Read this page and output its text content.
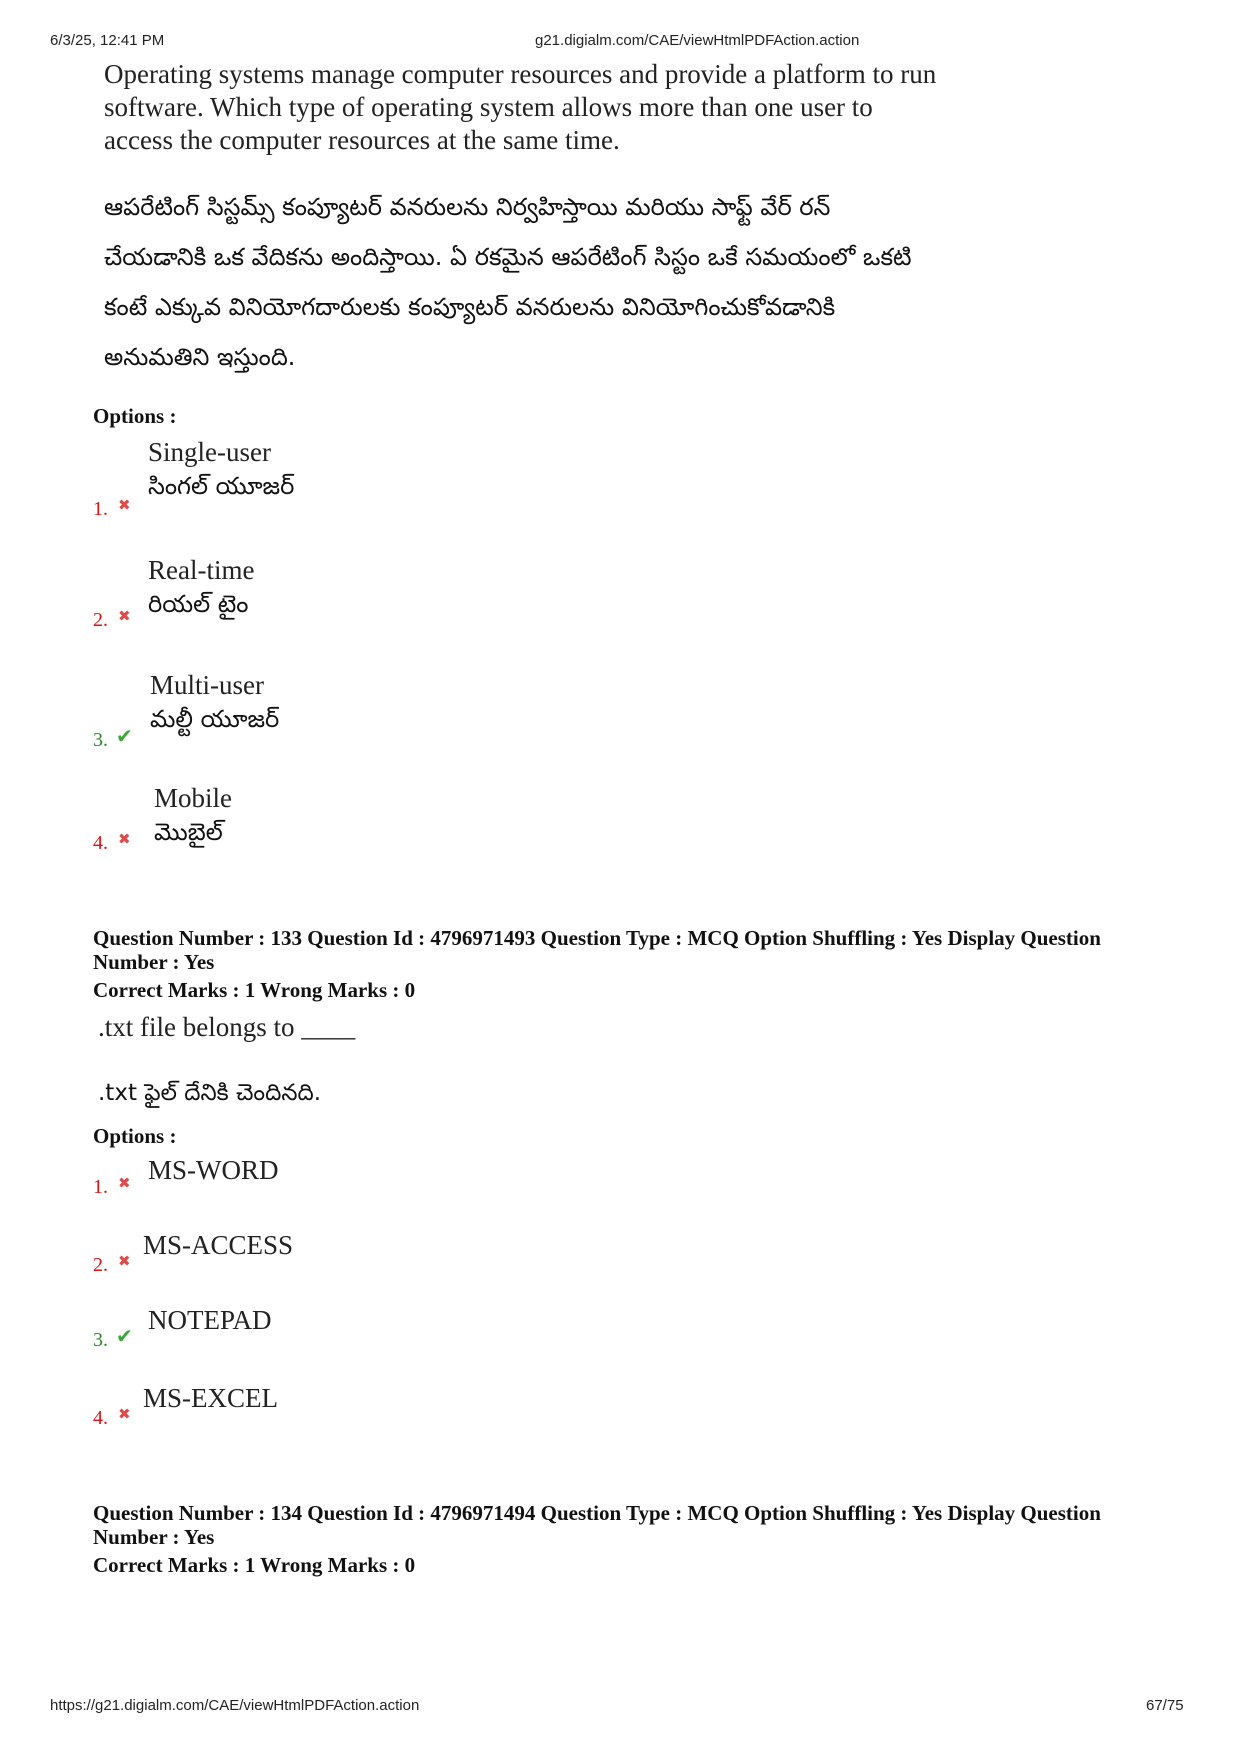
6/3/25, 12:41 PM	g21.digialm.com/CAE/viewHtmlPDFAction.action
Operating systems manage computer resources and provide a platform to run software. Which type of operating system allows more than one user to access the computer resources at the same time.
ఆపరేటింగ్ సిస్టమ్స్ కంప్యూటర్ వనరులను నిర్వహిస్తాయి మరియు సాఫ్ట్ వేర్ రన్ చేయడానికి ఒక వేదికను అందిస్తాయి. ఏ రకమైన ఆపరేటింగ్ సిస్టం ఒకే సమయంలో ఒకటి కంటే ఎక్కువ వినియోగదారులకు కంప్యూటర్ వనరులను వినియోగించుకోవడానికి అనుమతిని ఇస్తుంది.
Options :
1. ✖
Single-user
సింగల్ యూజర్
2. ✖
Real-time
రియల్ టైం
3. ✔
Multi-user
మల్టీ యూజర్
4. ✖
Mobile
మొబైల్
Question Number : 133 Question Id : 4796971493 Question Type : MCQ Option Shuffling : Yes Display Question Number : Yes
Correct Marks : 1 Wrong Marks : 0
.txt file belongs to ____
.txt ఫైల్ దేనికి చెందినది.
Options :
1. ✖ MS-WORD
2. ✖
MS-ACCESS
3. ✔
NOTEPAD
4. ✖
MS-EXCEL
Question Number : 134 Question Id : 4796971494 Question Type : MCQ Option Shuffling : Yes Display Question Number : Yes
Correct Marks : 1 Wrong Marks : 0
https://g21.digialm.com/CAE/viewHtmlPDFAction.action	67/75
